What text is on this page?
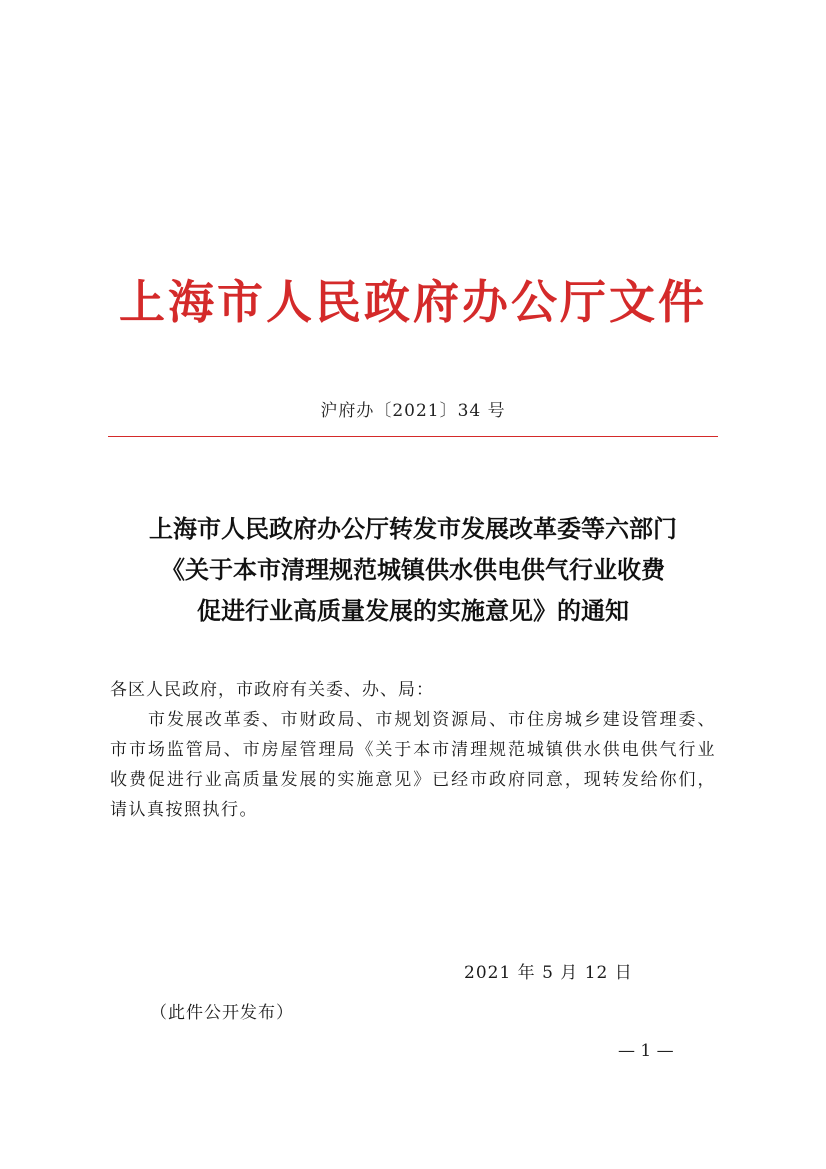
上海市人民政府办公厅文件
沪府办〔2021〕34 号
上海市人民政府办公厅转发市发展改革委等六部门
《关于本市清理规范城镇供水供电供气行业收费
促进行业高质量发展的实施意见》的通知
各区人民政府，市政府有关委、办、局：
市发展改革委、市财政局、市规划资源局、市住房城乡建设管理委、市市场监管局、市房屋管理局《关于本市清理规范城镇供水供电供气行业收费促进行业高质量发展的实施意见》已经市政府同意，现转发给你们，请认真按照执行。
2021 年 5 月 12 日
（此件公开发布）
— 1 —
